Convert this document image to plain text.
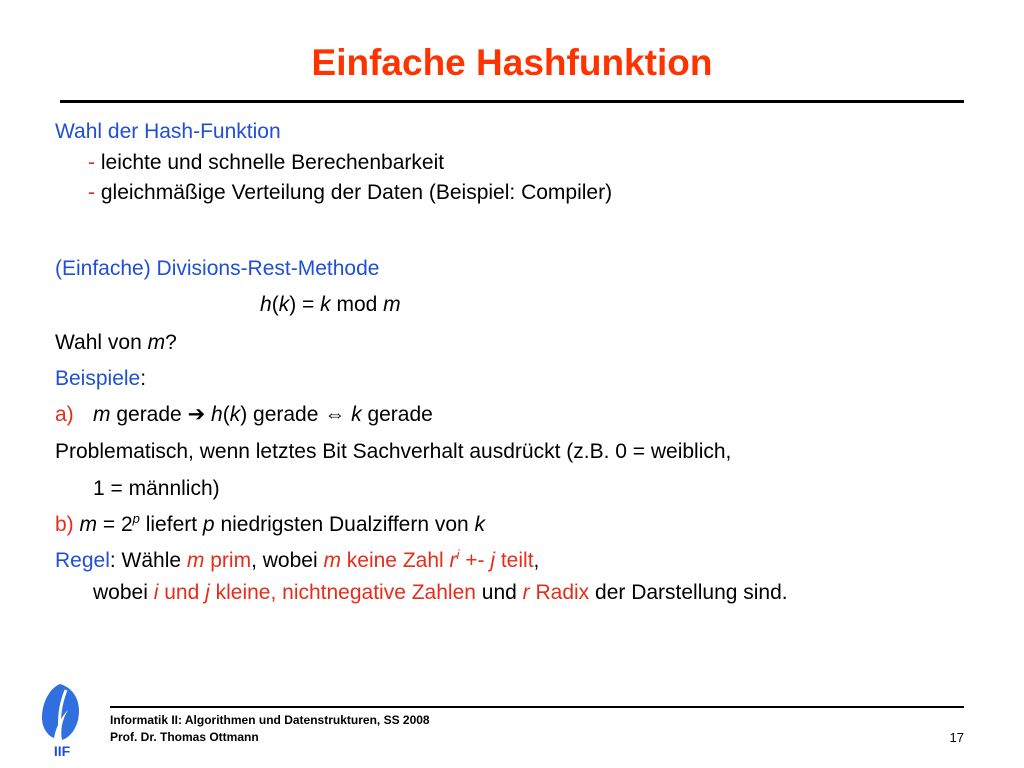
Einfache Hashfunktion
Wahl der Hash-Funktion
- leichte und schnelle Berechenbarkeit
- gleichmäßige Verteilung der Daten (Beispiel: Compiler)
(Einfache) Divisions-Rest-Methode
h(k) = k mod m
Wahl von m?
Beispiele:
a) m gerade ➔ h(k) gerade ⇔ k gerade
Problematisch, wenn letztes Bit Sachverhalt ausdrückt (z.B. 0 = weiblich,
1 = männlich)
b) $m = 2^p$ liefert p niedrigsten Dualziffern von k
Regel: Wähle m prim, wobei m keine Zahl $r^i +- j$ teilt,
wobei i und j kleine, nichtnegative Zahlen und r Radix der Darstellung sind.
IIF
Informatik II: Algorithmen und Datenstrukturen, SS 2008
Prof. Dr. Thomas Ottmann	17
